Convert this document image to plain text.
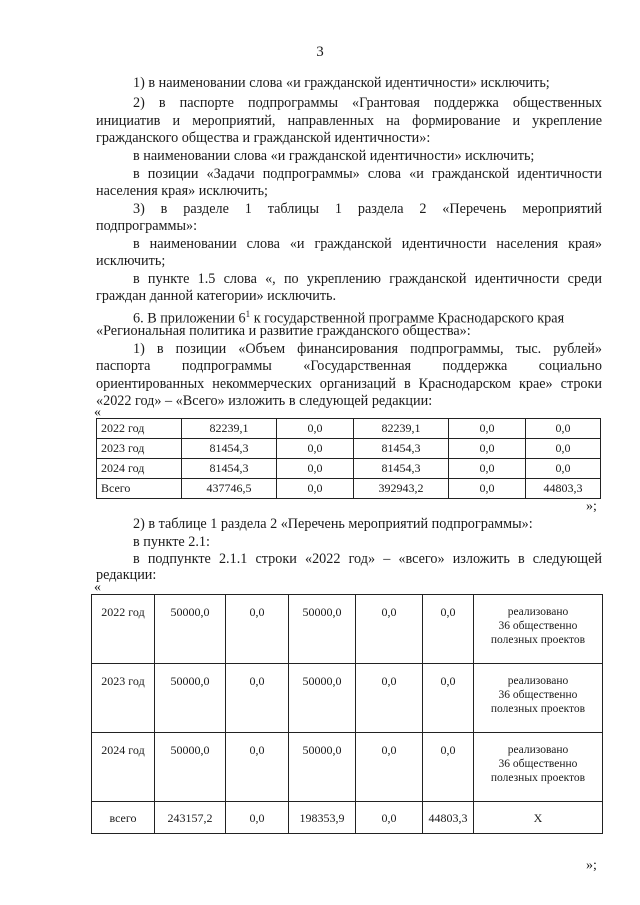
3
1) в наименовании слова «и гражданской идентичности» исключить;
2) в паспорте подпрограммы «Грантовая поддержка общественных
инициатив и мероприятий, направленных на формирование и укрепление
гражданского общества и гражданской идентичности»:
в наименовании слова «и гражданской идентичности» исключить;
в позиции «Задачи подпрограммы» слова «и гражданской идентичности
населения края» исключить;
3) в разделе 1 таблицы 1 раздела 2 «Перечень мероприятий
подпрограммы»:
в наименовании слова «и гражданской идентичности населения края»
исключить;
в пункте 1.5 слова «, по укреплению гражданской идентичности среди
граждан данной категории» исключить.
6. В приложении $6^1$ к государственной программе Краснодарского края
«Региональная политика и развитие гражданского общества»:
1) в позиции «Объем финансирования подпрограммы, тыс. рублей»
паспорта подпрограммы «Государственная поддержка социально
ориентированных некоммерческих организаций в Краснодарском крае» строки
«2022 год» – «Всего» изложить в следующей редакции:
«
2022 год	82239,1	0,0	82239,1	0,0	0,0
2023 год	81454,3	0,0	81454,3	0,0	0,0
2024 год	81454,3	0,0	81454,3	0,0	0,0
Всего	437746,5	0,0	392943,2	0,0	44803,3
»;
2) в таблице 1 раздела 2 «Перечень мероприятий подпрограммы»:
в пункте 2.1:
в подпункте 2.1.1 строки «2022 год» – «всего» изложить в следующей
редакции:
«
2022 год	50000,0	0,0	50000,0	0,0	0,0	реализовано
36 общественно
полезных проектов

2023 год	50000,0	0,0	50000,0	0,0	0,0	реализовано
36 общественно
полезных проектов

2024 год	50000,0	0,0	50000,0	0,0	0,0	реализовано
36 общественно
полезных проектов

всего	243157,2	0,0	198353,9	0,0	44803,3	Х
»;
